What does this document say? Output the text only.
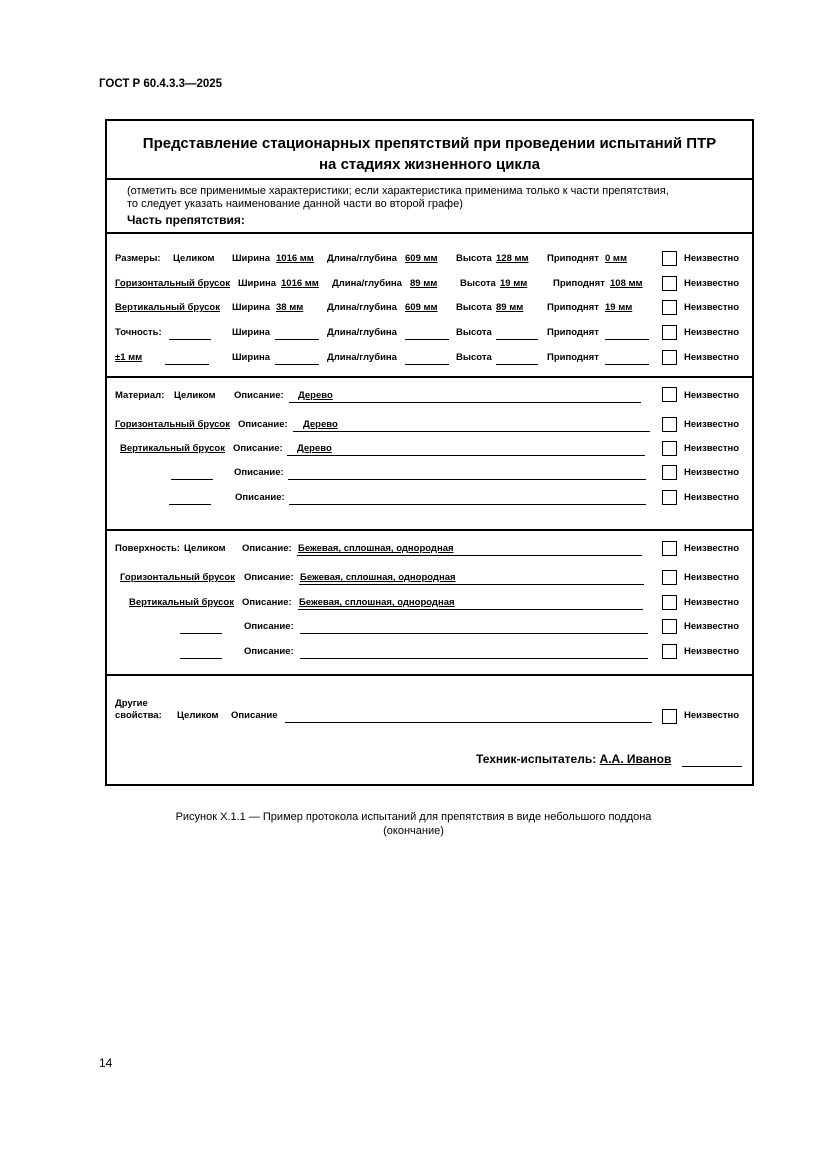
ГОСТ Р 60.4.3.3—2025
Представление стационарных препятствий при проведении испытаний ПТР
на стадиях жизненного цикла
(отметить все применимые характеристики; если характеристика применима только к части препятствия,
то следует указать наименование данной части во второй графе)
Часть препятствия:
Размеры: Целиком Ширина 1016 мм Длина/глубина 609 мм Высота 128 мм Приподнят 0 мм	Неизвестно
Горизонтальный брусок Ширина 1016 мм Длина/глубина 89 мм Высота 19 мм	Приподнят 108 мм	Неизвестно
Вертикальный брусок Ширина 38 мм Длина/глубина 609 мм Высота 89 мм Приподнят 19 мм	Неизвестно
Точность:	Ширина	Длина/глубина	Высота	Приподнят	Неизвестно
±1 мм	Ширина	Длина/глубина	Высота	Приподнят	Неизвестно
Материал: Целиком Описание: Дерево	Неизвестно
Горизонтальный брусок Описание: Дерево	Неизвестно
Вертикальный брусок Описание: Дерево	Неизвестно
Описание:	Неизвестно
Описание:	Неизвестно
Поверхность: Целиком Описание: Бежевая, сплошная, однородная	Неизвестно
Горизонтальный брусок Описание: Бежевая, сплошная, однородная	Неизвестно
Вертикальный брусок Описание: Бежевая, сплошная, однородная	Неизвестно
Описание:	Неизвестно
Описание:	Неизвестно
Другие
свойства: Целиком Описание	Неизвестно
Техник-испытатель: А.А. Иванов
Рисунок X.1.1 — Пример протокола испытаний для препятствия в виде небольшого поддона
(окончание)
14
